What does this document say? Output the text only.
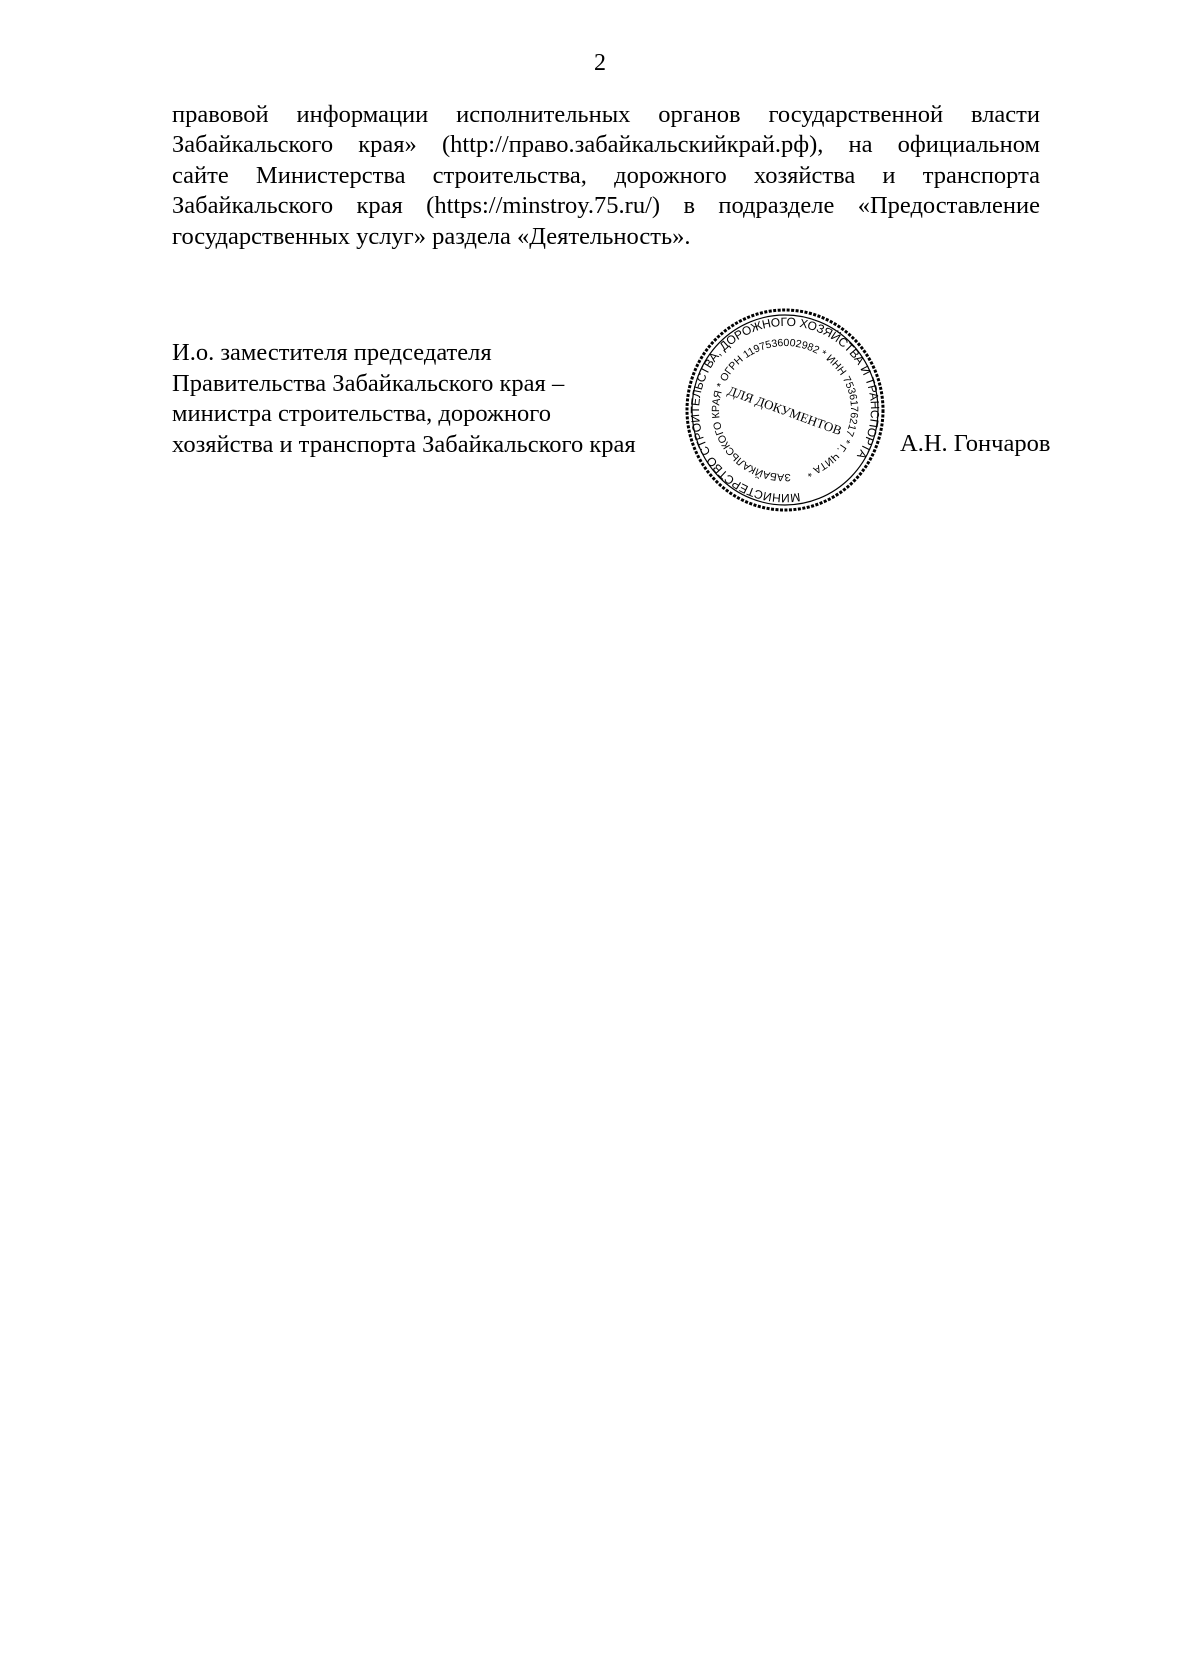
2
правовой информации исполнительных органов государственной власти
Забайкальского края» (http://право.забайкальскийкрай.рф), на официальном
сайте Министерства строительства, дорожного хозяйства и транспорта
Забайкальского края (https://minstroy.75.ru/) в подразделе «Предоставление
государственных услуг» раздела «Деятельность».
И.о. заместителя председателя
Правительства Забайкальского края –
министра строительства, дорожного
хозяйства и транспорта Забайкальского края
МИНИСТЕРСТВО СТРОИТЕЛЬСТВА, ДОРОЖНОГО ХОЗЯЙСТВА И ТРАНСПОРТА
ЗАБАЙКАЛЬСКОГО КРАЯ * ОГРН 1197536002982 * ИНН 7536176217 * Г. ЧИТА *
ДЛЯ ДОКУМЕНТОВ
А.Н. Гончаров
